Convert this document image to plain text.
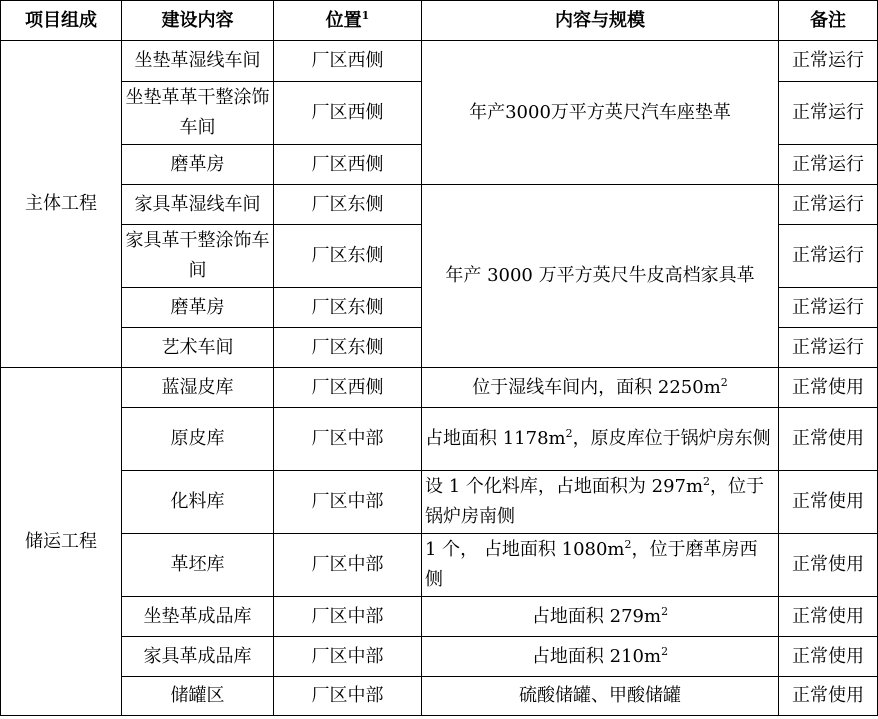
项目组成	建设内容	位置$^1$	内容与规模	备注
主体工程	坐垫革湿线车间	厂区西侧	年产3000万平方英尺汽车座垫革	正常运行
	坐垫革革干整涂饰车间	厂区西侧		正常运行
	磨革房	厂区西侧		正常运行
	家具革湿线车间	厂区东侧	年产 3000 万平方英尺牛皮高档家具革	正常运行
	家具革干整涂饰车间	厂区东侧		正常运行
	磨革房	厂区东侧		正常运行
	艺术车间	厂区东侧		正常运行
储运工程	蓝湿皮库	厂区西侧	位于湿线车间内，面积 $2250m^2$	正常使用
	原皮库	厂区中部	占地面积 $1178m^2$，原皮库位于锅炉房东侧	正常使用
	化料库	厂区中部	设 1 个化料库，占地面积为 $297m^2$，位于锅炉房南侧	正常使用
	革坯库	厂区中部	1 个， 占地面积 $1080m^2$，位于磨革房西侧	正常使用
	坐垫革成品库	厂区中部	占地面积 $279m^2$	正常使用
	家具革成品库	厂区中部	占地面积 $210m^2$	正常使用
	储罐区	厂区中部	硫酸储罐、甲酸储罐	正常使用
